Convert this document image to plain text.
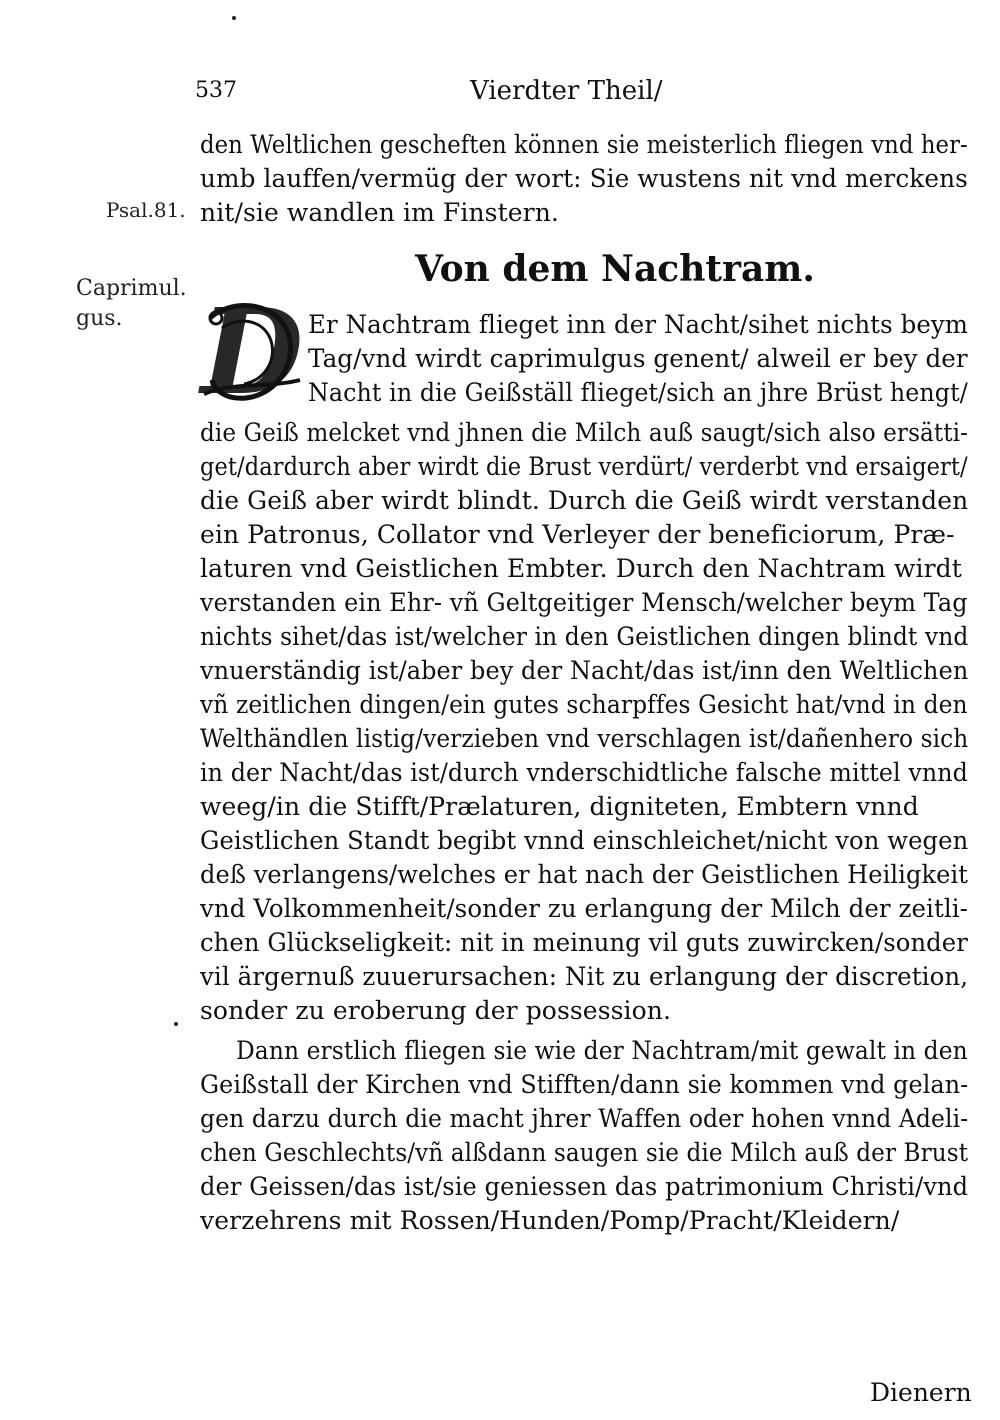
537	Vierdter Theil/
Psal.81.
Caprimul.
gus.
den Weltlichen gescheften können sie meisterlich fliegen vnd her-
umb lauffen/vermüg der wort: Sie wustens nit vnd merckens
nit/sie wandlen im Finstern.
Von dem Nachtram.
D Er Nachtram flieget inn der Nacht/sihet nichts beym
Tag/vnd wirdt caprimulgus genent/ alweil er bey der
Nacht in die Geißställ flieget/sich an jhre Brüst hengt/
die Geiß melcket vnd jhnen die Milch auß saugt/sich also ersätti-
get/dardurch aber wirdt die Brust verdürt/ verderbt vnd ersaigert/
die Geiß aber wirdt blindt. Durch die Geiß wirdt verstanden
ein Patronus, Collator vnd Verleyer der beneficiorum, Præ-
laturen vnd Geistlichen Embter. Durch den Nachtram wirdt
verstanden ein Ehr- vñ Geltgeitiger Mensch/welcher beym Tag
nichts sihet/das ist/welcher in den Geistlichen dingen blindt vnd
vnuerständig ist/aber bey der Nacht/das ist/inn den Weltlichen
vñ zeitlichen dingen/ein gutes scharpffes Gesicht hat/vnd in den
Welthändlen listig/verzieben vnd verschlagen ist/dañenhero sich
in der Nacht/das ist/durch vnderschidtliche falsche mittel vnnd
weeg/in die Stifft/Prælaturen, digniteten, Embtern vnnd
Geistlichen Standt begibt vnnd einschleichet/nicht von wegen
deß verlangens/welches er hat nach der Geistlichen Heiligkeit
vnd Volkommenheit/sonder zu erlangung der Milch der zeitli-
chen Glückseligkeit: nit in meinung vil guts zuwircken/sonder
vil ärgernuß zuuerursachen: Nit zu erlangung der discretion,
sonder zu eroberung der possession.
Dann erstlich fliegen sie wie der Nachtram/mit gewalt in den
Geißstall der Kirchen vnd Stifften/dann sie kommen vnd gelan-
gen darzu durch die macht jhrer Waffen oder hohen vnnd Adeli-
chen Geschlechts/vñ alßdann saugen sie die Milch auß der Brust
der Geissen/das ist/sie geniessen das patrimonium Christi/vnd
verzehrens mit Rossen/Hunden/Pomp/Pracht/Kleidern/
Dienern
